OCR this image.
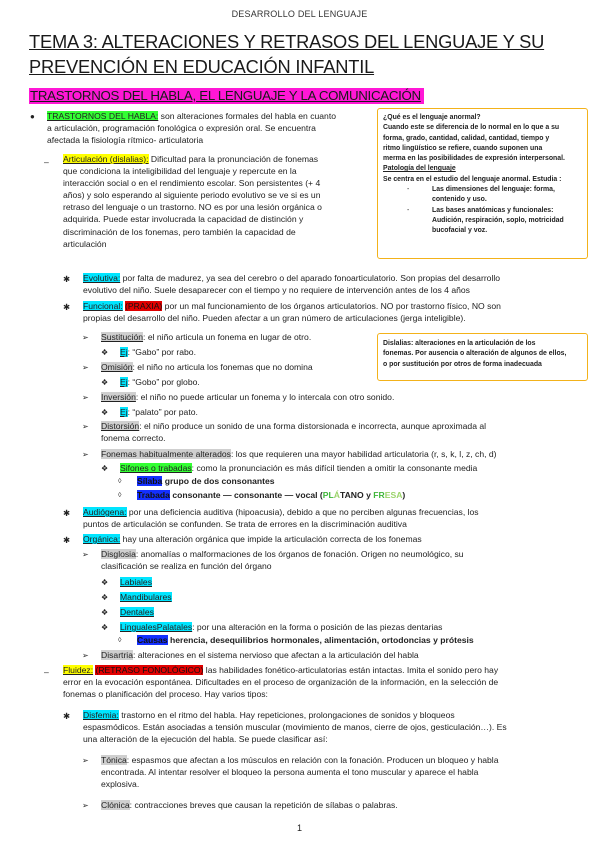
DESARROLLO DEL LENGUAJE
TEMA 3: ALTERACIONES Y RETRASOS DEL LENGUAJE Y SU
PREVENCIÓN EN EDUCACIÓN INFANTIL
TRASTORNOS DEL HABLA, EL LENGUAJE Y LA COMUNICACIÓN
● TRASTORNOS DEL HABLA: son alteraciones formales del habla en cuanto
a articulación, programación fonológica o expresión oral. Se encuentra
afectada la fisiología rítmico- articulatoria
– Articulación (dislalias): Dificultad para la pronunciación de fonemas
que condiciona la inteligibilidad del lenguaje y repercute en la
interacción social o en el rendimiento escolar. Son persistentes (+ 4
años) y solo esperando al siguiente periodo evolutivo se ve si es un
retraso del lenguaje o un trastorno. NO es por una lesión orgánica o
adquirida. Puede estar involucrada la capacidad de distinción y
discriminación de los fonemas, pero también la capacidad de
articulación
¿Qué es el lenguaje anormal?
Cuando este se diferencia de lo normal en lo que a su
forma, grado, cantidad, calidad, cantidad, tiempo y
ritmo lingüístico se refiere, cuando suponen una
merma en las posibilidades de expresión interpersonal.
Patología del lenguaje
Se centra en el estudio del lenguaje anormal. Estudia :
-	Las dimensiones del lenguaje: forma,
contenido y uso.
-	Las bases anatómicas y funcionales:
Audición, respiración, soplo, motricidad
bucofacial y voz.
✱ Evolutiva: por falta de madurez, ya sea del cerebro o del aparado fonoarticulatorio. Son propias del desarrollo
evolutivo del niño. Suele desaparecer con el tiempo y no requiere de intervención antes de los 4 años
✱ Funcional: (PRAXIA) por un mal funcionamiento de los órganos articulatorios. NO por trastorno físico, NO son
propias del desarrollo del niño. Pueden afectar a un gran número de articulaciones (jerga inteligible).
➢ Sustitución: el niño articula un fonema en lugar de otro.
❖ Ej: “Gabo” por rabo.
➢ Omisión: el niño no articula los fonemas que no domina
❖ Ej: “Gobo” por globo.
Dislalias: alteraciones en la articulación de los
fonemas. Por ausencia o alteración de algunos de ellos,
o por sustitución por otros de forma inadecuada
➢ Inversión: el niño no puede articular un fonema y lo intercala con otro sonido.
❖ Ej: “palato” por pato.
➢ Distorsión: el niño produce un sonido de una forma distorsionada e incorrecta, aunque aproximada al
fonema correcto.
➢ Fonemas habitualmente alterados: los que requieren una mayor habilidad articulatoria (r, s, k, l, z, ch, d)
❖ Sifones o trabadas: como la pronunciación es más difícil tienden a omitir la consonante media
◊ Sílaba grupo de dos consonantes
◊ Trabada consonante — consonante — vocal (PLÁTANO y FRESA)
✱ Audiógena: por una deficiencia auditiva (hipoacusia), debido a que no perciben algunas frecuencias, los
puntos de articulación se confunden. Se trata de errores en la discriminación auditiva
✱ Orgánica: hay una alteración orgánica que impide la articulación correcta de los fonemas
➢ Disglosia: anomalías o malformaciones de los órganos de fonación. Origen no neumológico, su
clasificación se realiza en función del órgano
❖ Labiales
❖ Mandibulares
❖ Dentales
❖ LingualesPalatales: por una alteración en la forma o posición de las piezas dentarias
◊ Causas herencia, desequilibrios hormonales, alimentación, ortodoncias y prótesis
➢ Disartria: alteraciones en el sistema nervioso que afectan a la articulación del habla
– Fluidez: (RETRASO FONOLÓGICO) las habilidades fonético-articulatorias están intactas. Imita el sonido pero hay
error en la evocación espontánea. Dificultades en el proceso de organización de la información, en la selección de
fonemas o planificación del proceso. Hay varios tipos:
✱ Disfemia: trastorno en el ritmo del habla. Hay repeticiones, prolongaciones de sonidos y bloqueos
espasmódicos. Están asociadas a tensión muscular (movimiento de manos, cierre de ojos, gesticulación…). Es
una alteración de la ejecución del habla. Se puede clasificar así:
➢ Tónica: espasmos que afectan a los músculos en relación con la fonación. Producen un bloqueo y habla
encontrada. Al intentar resolver el bloqueo la persona aumenta el tono muscular y aparece el habla
explosiva.
➢ Clónica: contracciones breves que causan la repetición de sílabas o palabras.
1
